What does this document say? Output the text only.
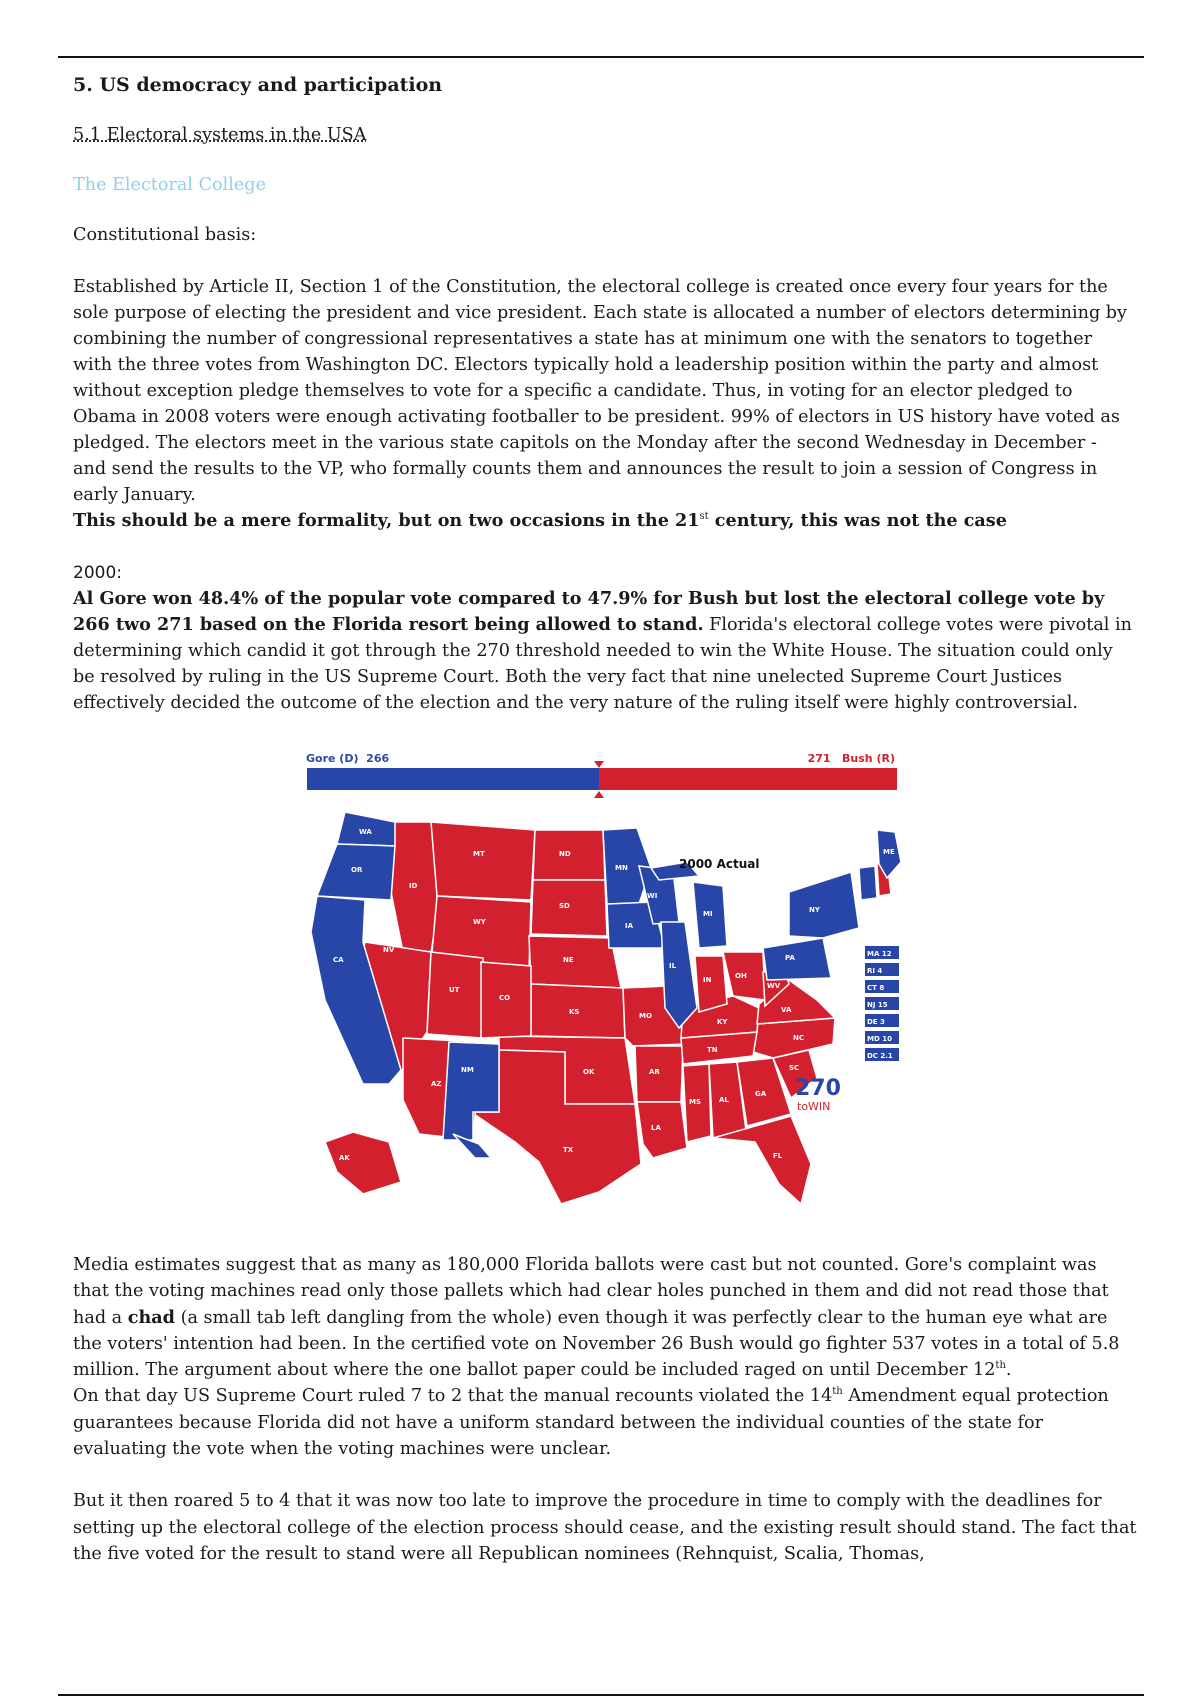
5. US democracy and participation

5.1 Electoral systems in the USA

The Electoral College

Constitutional basis:

Established by Article II, Section 1 of the Constitution, the electoral college is created once every four years for the sole purpose of electing the president and vice president. Each state is allocated a number of electors determining by combining the number of congressional representatives a state has at minimum one with the senators to together with the three votes from Washington DC. Electors typically hold a leadership position within the party and almost without exception pledge themselves to vote for a specific a candidate. Thus, in voting for an elector pledged to Obama in 2008 voters were enough activating footballer to be president. 99% of electors in US history have voted as pledged. The electors meet in the various state capitols on the Monday after the second Wednesday in December - and send the results to the VP, who formally counts them and announces the result to join a session of Congress in early January.

This should be a mere formality, but on two occasions in the 21st century, this was not the case

2000:

Al Gore won 48.4% of the popular vote compared to 47.9% for Bush but lost the electoral college vote by 266 two 271 based on the Florida resort being allowed to stand. Florida's electoral college votes were pivotal in determining which candid it got through the 270 threshold needed to win the White House. The situation could only be resolved by ruling in the US Supreme Court. Both the very fact that nine unelected Supreme Court Justices effectively decided the outcome of the election and the very nature of the ruling itself were highly controversial.

Gore (D) 266	271 Bush (R)
WA
OR
CA
NV
ID
MT
WY
UT
CO
AZ
NM
ND
SD
NE
KS
OK
TX
MN
IA
WI
IL
MI
MO
AR
LA
MS	AL
GA
FL
SC
NC
TN
KY
IN	OH
VA
WV
PA
NY
ME
AK
2000 Actual
MA 12
RI 4
CT 8
NJ 15
DE 3
MD 10
DC 2.1
270
toWIN

Media estimates suggest that as many as 180,000 Florida ballots were cast but not counted. Gore's complaint was that the voting machines read only those pallets which had clear holes punched in them and did not read those that had a chad (a small tab left dangling from the whole) even though it was perfectly clear to the human eye what are the voters' intention had been. In the certified vote on November 26 Bush would go fighter 537 votes in a total of 5.8 million. The argument about where the one ballot paper could be included raged on until December 12th.

On that day US Supreme Court ruled 7 to 2 that the manual recounts violated the 14th Amendment equal protection guarantees because Florida did not have a uniform standard between the individual counties of the state for evaluating the vote when the voting machines were unclear.

But it then roared 5 to 4 that it was now too late to improve the procedure in time to comply with the deadlines for setting up the electoral college of the election process should cease, and the existing result should stand. The fact that the five voted for the result to stand were all Republican nominees (Rehnquist, Scalia, Thomas,
